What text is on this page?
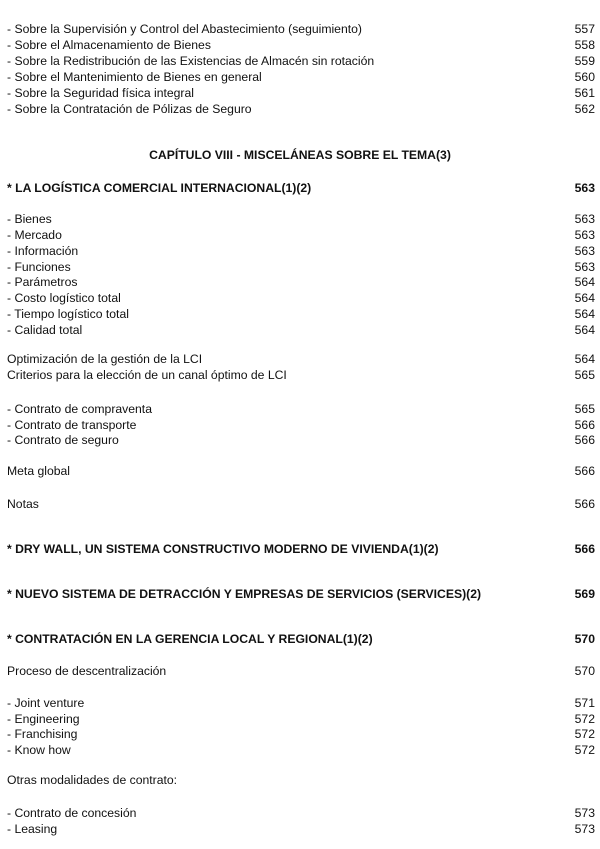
- Sobre la Supervisión y Control del Abastecimiento (seguimiento)	557
- Sobre el Almacenamiento de Bienes	558
- Sobre la Redistribución de las Existencias de Almacén sin rotación	559
- Sobre el Mantenimiento de Bienes en general	560
- Sobre la Seguridad física integral	561
- Sobre la Contratación de Pólizas de Seguro	562
CAPÍTULO VIII - MISCELÁNEAS SOBRE EL TEMA(3)
* LA LOGÍSTICA COMERCIAL INTERNACIONAL(1)(2)	563
- Bienes	563
- Mercado	563
- Información	563
- Funciones	563
- Parámetros	564
- Costo logístico total	564
- Tiempo logístico total	564
- Calidad total	564
Optimización de la gestión de la LCI	564
Criterios para la elección de un canal óptimo de LCI	565
- Contrato de compraventa	565
- Contrato de transporte	566
- Contrato de seguro	566
Meta global	566
Notas	566
* DRY WALL, UN SISTEMA CONSTRUCTIVO MODERNO DE VIVIENDA(1)(2)	566
* NUEVO SISTEMA DE DETRACCIÓN Y EMPRESAS DE SERVICIOS (SERVICES)(2)	569
* CONTRATACIÓN EN LA GERENCIA LOCAL Y REGIONAL(1)(2)	570
Proceso de descentralización	570
- Joint venture	571
- Engineering	572
- Franchising	572
- Know how	572
Otras modalidades de contrato:
- Contrato de concesión	573
- Leasing	573
